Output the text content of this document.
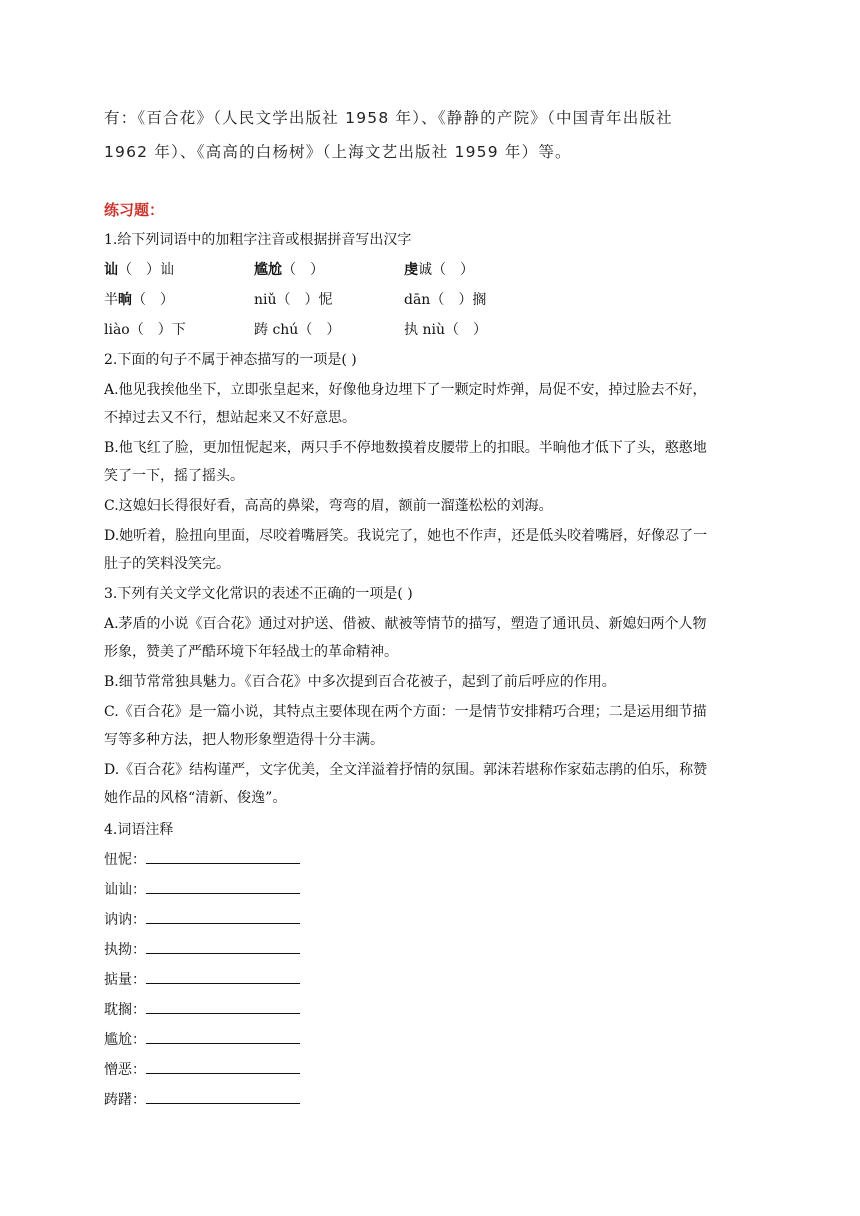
有：《百合花》（人民文学出版社 1958 年）、《静静的产院》（中国青年出版社
1962 年）、《高高的白杨树》（上海文艺出版社 1959 年）等。
练习题：
1.给下列词语中的加粗字注音或根据拼音写出汉字
讪（　）讪	尴尬（　）	虔诚（　）
半晌（　）	niǔ（　）怩	dān（　）搁
liào（　）下	踌 chú（　）	执 niù（　）
2.下面的句子不属于神态描写的一项是( )
A.他见我挨他坐下，立即张皇起来，好像他身边埋下了一颗定时炸弹，局促不安，掉过脸去不好，
不掉过去又不行，想站起来又不好意思。
B.他飞红了脸，更加忸怩起来，两只手不停地数摸着皮腰带上的扣眼。半晌他才低下了头，憨憨地
笑了一下，摇了摇头。
C.这媳妇长得很好看，高高的鼻梁，弯弯的眉，额前一溜蓬松松的刘海。
D.她听着，脸扭向里面，尽咬着嘴唇笑。我说完了，她也不作声，还是低头咬着嘴唇，好像忍了一
肚子的笑料没笑完。
3.下列有关文学文化常识的表述不正确的一项是( )
A.茅盾的小说《百合花》通过对护送、借被、献被等情节的描写，塑造了通讯员、新媳妇两个人物
形象，赞美了严酷环境下年轻战士的革命精神。
B.细节常常独具魅力。《百合花》中多次提到百合花被子，起到了前后呼应的作用。
C.《百合花》是一篇小说，其特点主要体现在两个方面：一是情节安排精巧合理；二是运用细节描
写等多种方法，把人物形象塑造得十分丰满。
D.《百合花》结构谨严，文字优美，全文洋溢着抒情的氛围。郭沫若堪称作家茹志鹃的伯乐，称赞
她作品的风格“清新、俊逸”。
4.词语注释
忸怩：
讪讪：
讷讷：
执拗：
掂量：
耽搁：
尴尬：
憎恶：
踌躇：
